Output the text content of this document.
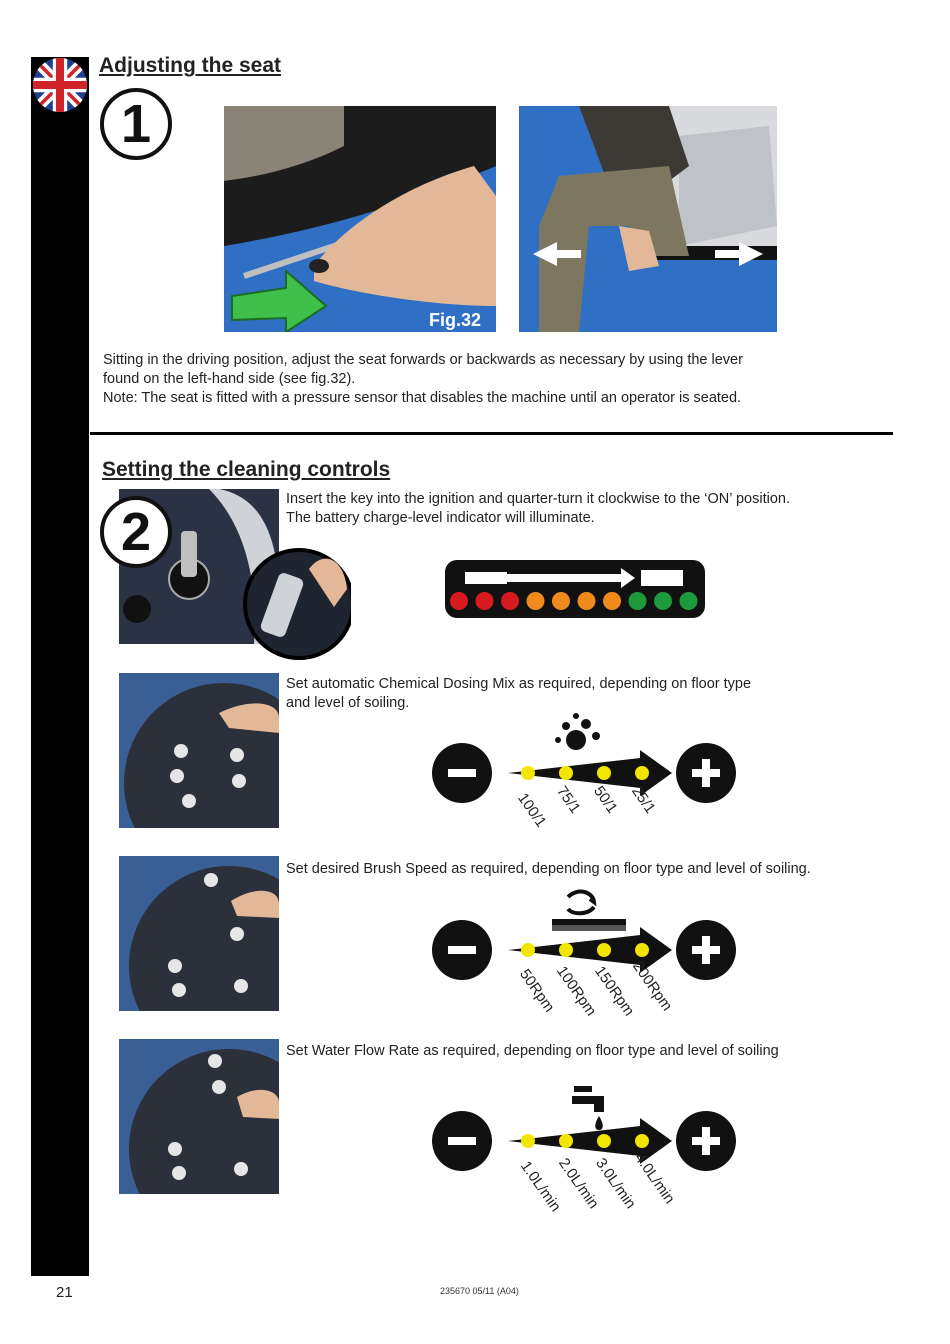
Adjusting the seat
1
Fig.32
Sitting in the driving position, adjust the seat forwards or backwards as necessary by using the lever
found on the left-hand side (see fig.32).
Note: The seat is fitted with a pressure sensor that disables the machine until an operator is seated.
Setting the cleaning controls
2
Insert the key into the ignition and quarter-turn it clockwise to the ‘ON’ position.
The battery charge-level indicator will illuminate.
Set automatic Chemical Dosing Mix as required, depending on floor type
and level of soiling.
100/1 75/1 50/1 25/1
Set desired Brush Speed as required, depending on floor type and level of soiling.
50Rpm
100Rpm
150Rpm
200Rpm
Set Water Flow Rate as required, depending on floor type and level of soiling
1.0L/min
2.0L/min
3.0L/min
4.0L/min
21	235670 05/11 (A04)
